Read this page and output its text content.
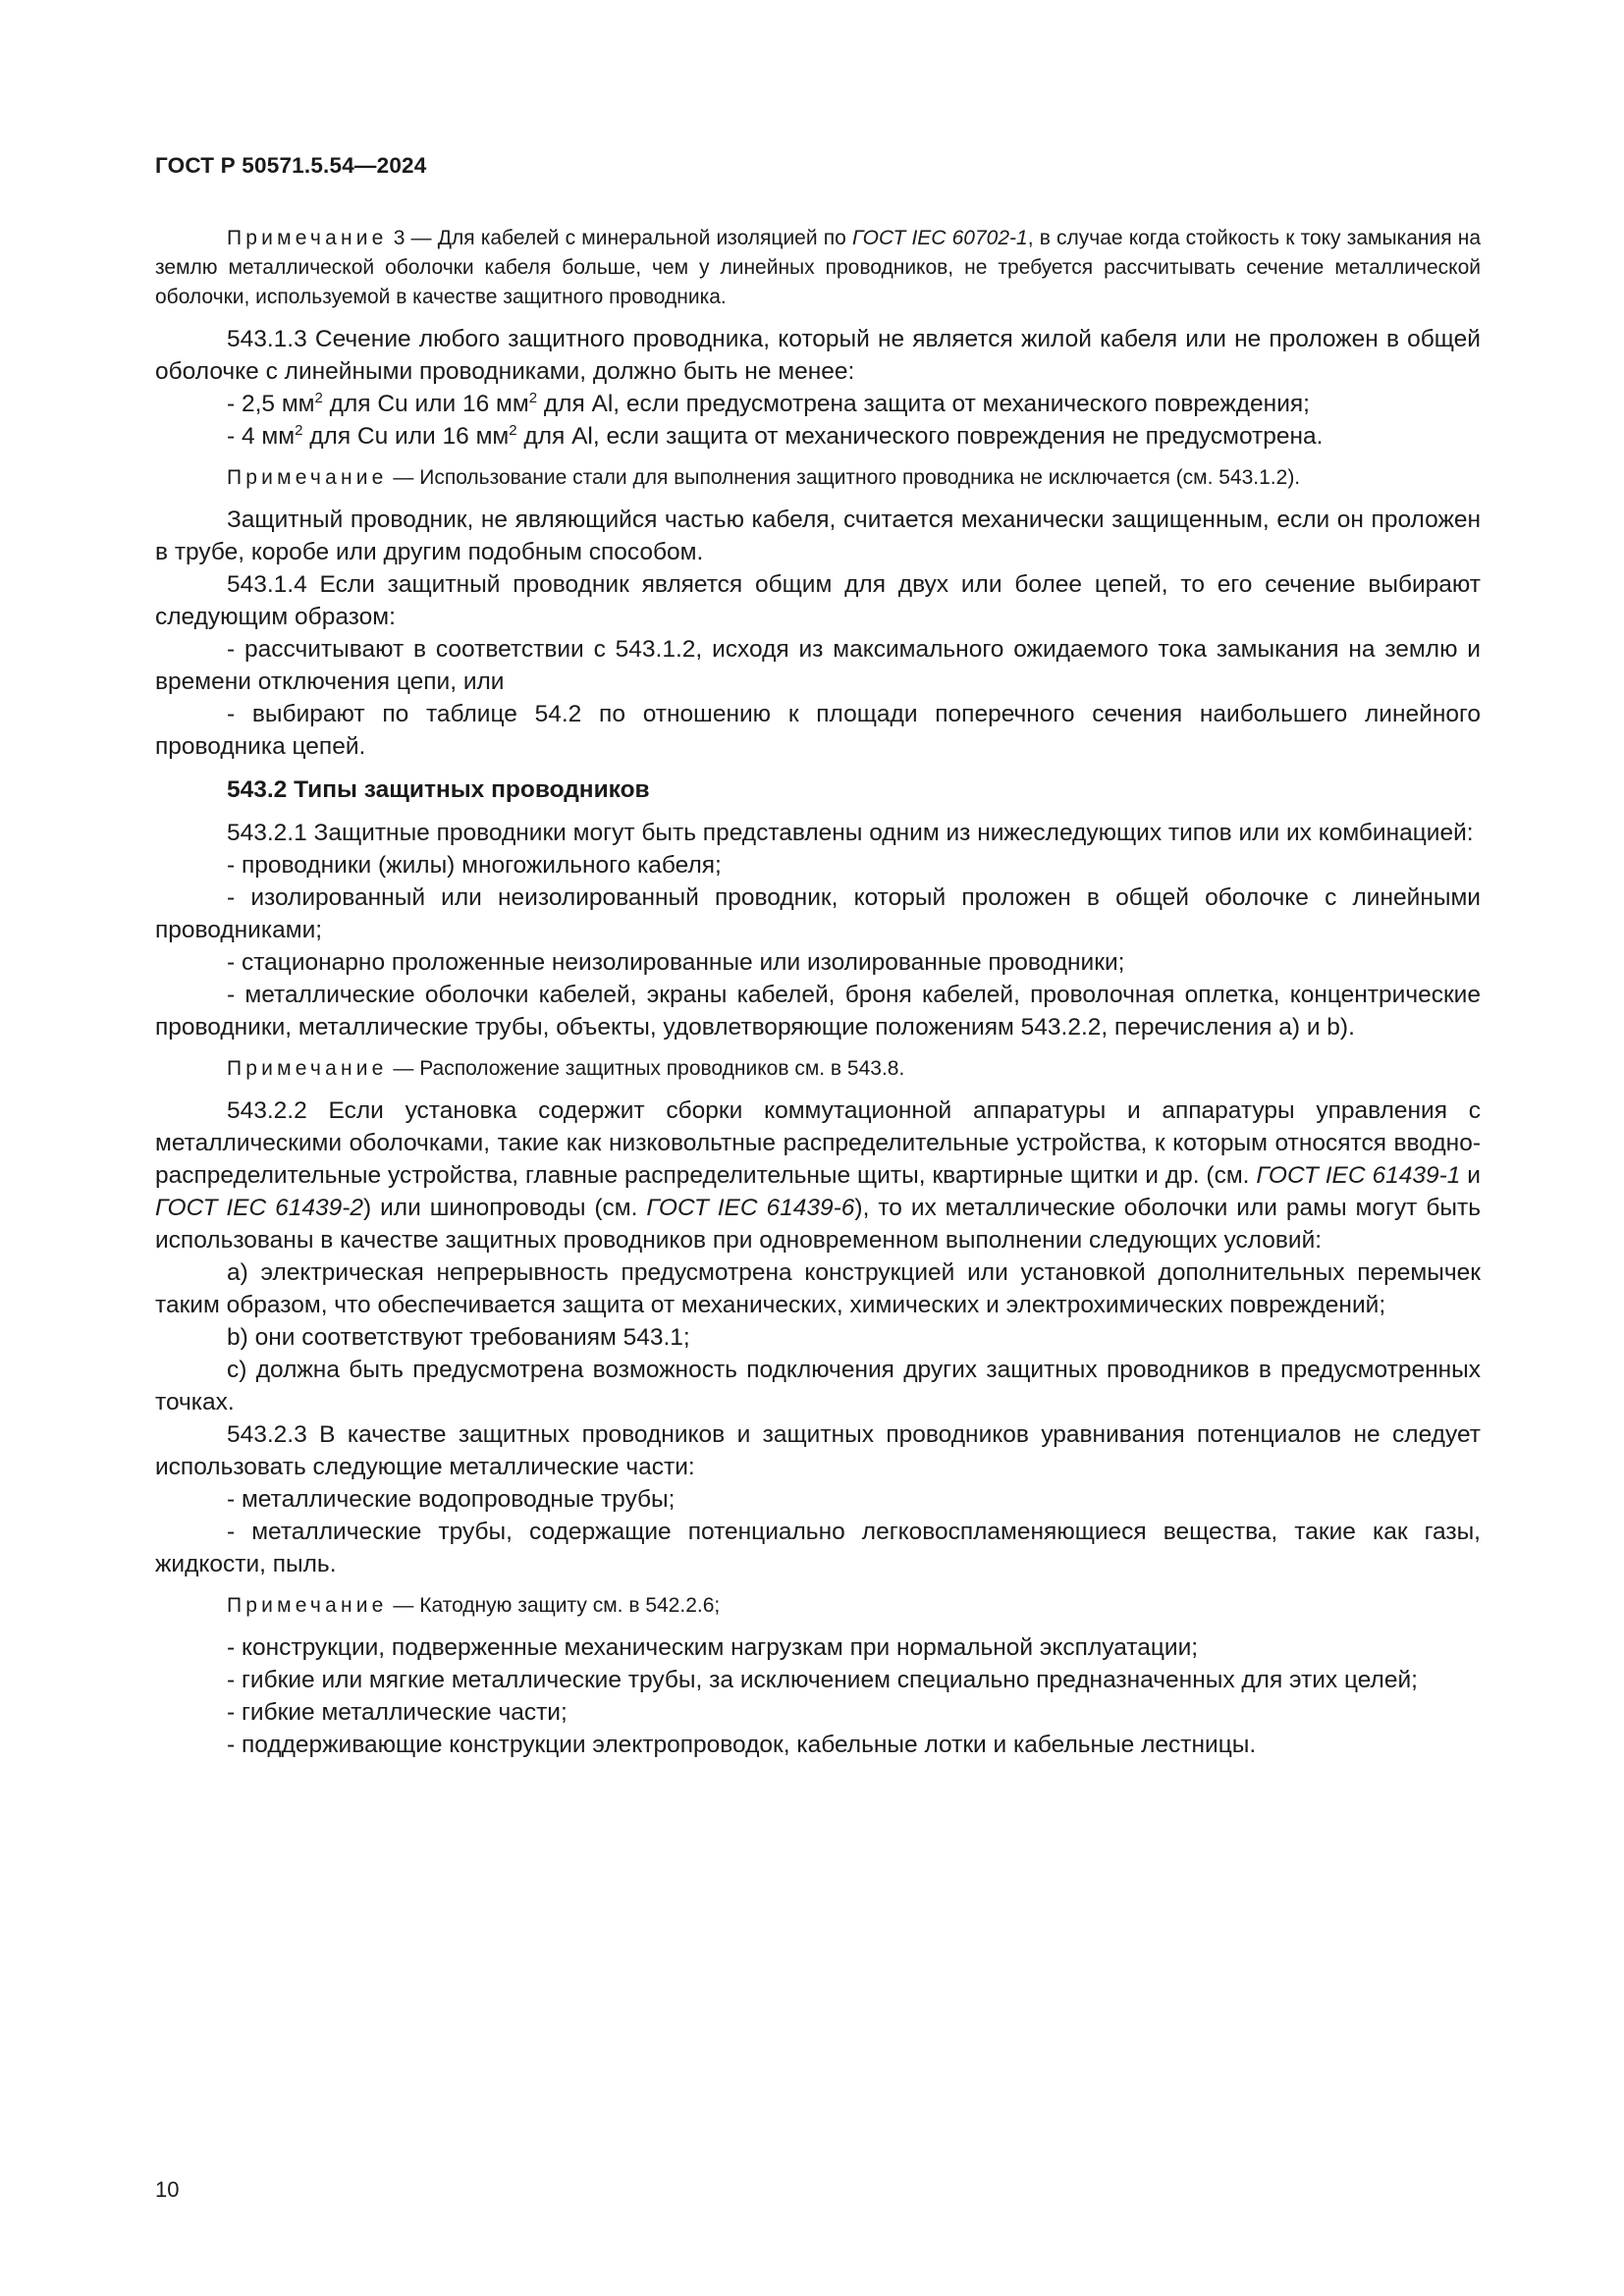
ГОСТ Р 50571.5.54—2024

Примечание 3 — Для кабелей с минеральной изоляцией по ГОСТ IEC 60702-1, в случае когда стойкость к току замыкания на землю металлической оболочки кабеля больше, чем у линейных проводников, не требуется рассчитывать сечение металлической оболочки, используемой в качестве защитного проводника.

543.1.3 Сечение любого защитного проводника, который не является жилой кабеля или не проложен в общей оболочке с линейными проводниками, должно быть не менее:

- 2,5 $мм^2$ для Cu или 16 $мм^2$ для Al, если предусмотрена защита от механического повреждения;

- 4 $мм^2$ для Cu или 16 $мм^2$ для Al, если защита от механического повреждения не предусмотрена.

Примечание — Использование стали для выполнения защитного проводника не исключается (см. 543.1.2).

Защитный проводник, не являющийся частью кабеля, считается механически защищенным, если он проложен в трубе, коробе или другим подобным способом.

543.1.4 Если защитный проводник является общим для двух или более цепей, то его сечение выбирают следующим образом:

- рассчитывают в соответствии с 543.1.2, исходя из максимального ожидаемого тока замыкания на землю и времени отключения цепи, или

- выбирают по таблице 54.2 по отношению к площади поперечного сечения наибольшего линейного проводника цепей.

543.2 Типы защитных проводников

543.2.1 Защитные проводники могут быть представлены одним из нижеследующих типов или их комбинацией:

- проводники (жилы) многожильного кабеля;

- изолированный или неизолированный проводник, который проложен в общей оболочке с линейными проводниками;

- стационарно проложенные неизолированные или изолированные проводники;

- металлические оболочки кабелей, экраны кабелей, броня кабелей, проволочная оплетка, концентрические проводники, металлические трубы, объекты, удовлетворяющие положениям 543.2.2, перечисления a) и b).

Примечание — Расположение защитных проводников см. в 543.8.

543.2.2 Если установка содержит сборки коммутационной аппаратуры и аппаратуры управления с металлическими оболочками, такие как низковольтные распределительные устройства, к которым относятся вводно-распределительные устройства, главные распределительные щиты, квартирные щитки и др. (см. ГОСТ IEC 61439-1 и ГОСТ IEC 61439-2) или шинопроводы (см. ГОСТ IEC 61439-6), то их металлические оболочки или рамы могут быть использованы в качестве защитных проводников при одновременном выполнении следующих условий:

a) электрическая непрерывность предусмотрена конструкцией или установкой дополнительных перемычек таким образом, что обеспечивается защита от механических, химических и электрохимических повреждений;

b) они соответствуют требованиям 543.1;

c) должна быть предусмотрена возможность подключения других защитных проводников в предусмотренных точках.

543.2.3 В качестве защитных проводников и защитных проводников уравнивания потенциалов не следует использовать следующие металлические части:

- металлические водопроводные трубы;

- металлические трубы, содержащие потенциально легковоспламеняющиеся вещества, такие как газы, жидкости, пыль.

Примечание — Катодную защиту см. в 542.2.6;

- конструкции, подверженные механическим нагрузкам при нормальной эксплуатации;

- гибкие или мягкие металлические трубы, за исключением специально предназначенных для этих целей;

- гибкие металлические части;

- поддерживающие конструкции электропроводок, кабельные лотки и кабельные лестницы.

10
